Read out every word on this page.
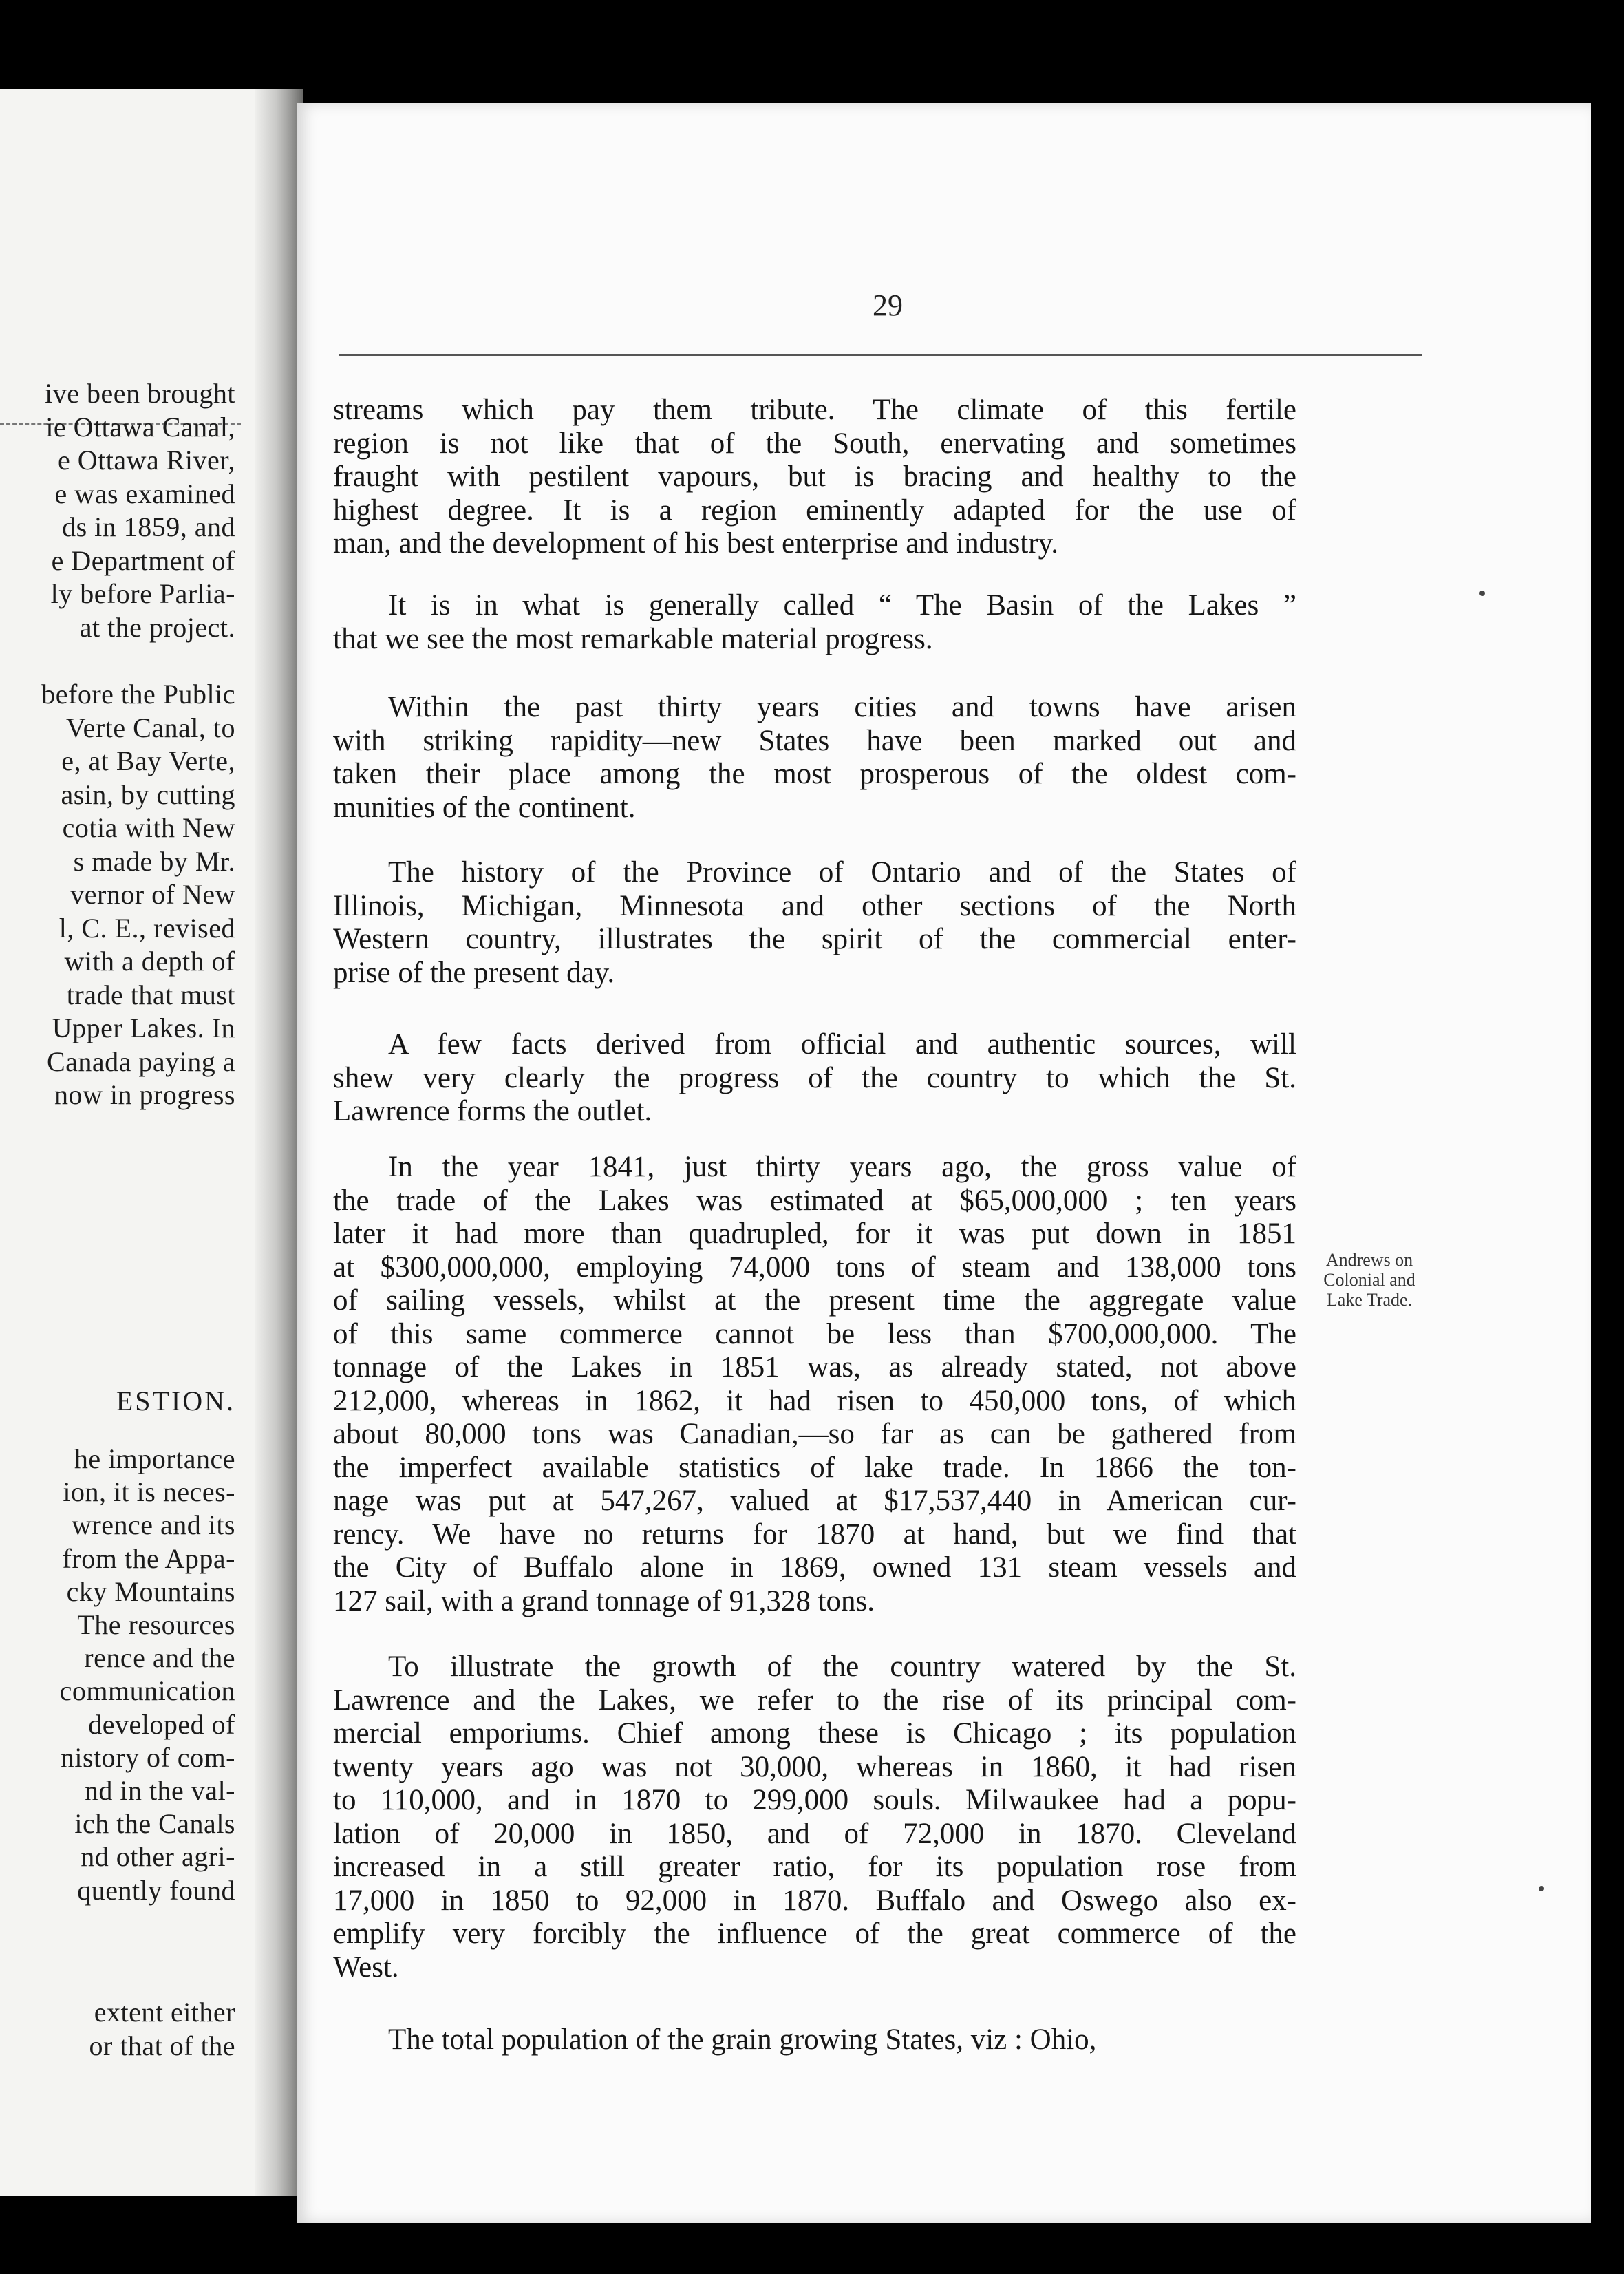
ive been brought
ie Ottawa Canal,
e Ottawa River,
e was examined
ds in 1859, and
e Department of
ly before Parlia-
at the project.
before the Public
Verte Canal, to
e, at Bay Verte,
asin, by cutting
cotia with New
s made by Mr.
vernor of New
l, C. E., revised
with a depth of
trade that must
Upper Lakes. In
Canada paying a
now in progress
he importance
ion, it is neces-
wrence and its
from the Appa-
cky Mountains
The resources
rence and the
communication
developed of
nistory of com-
nd in the val-
ich the Canals
nd other agri-
quently found
extent either
or that of the
ESTION.
29
streams which pay them tribute. The climate of this fertile
region is not like that of the South, enervating and sometimes
fraught with pestilent vapours, but is bracing and healthy to the
highest degree. It is a region eminently adapted for the use of
man, and the development of his best enterprise and industry.
It is in what is generally called “ The Basin of the Lakes ”
that we see the most remarkable material progress.
Within the past thirty years cities and towns have arisen
with striking rapidity—new States have been marked out and
taken their place among the most prosperous of the oldest com-
munities of the continent.
The history of the Province of Ontario and of the States of
Illinois, Michigan, Minnesota and other sections of the North
Western country, illustrates the spirit of the commercial enter-
prise of the present day.
A few facts derived from official and authentic sources, will
shew very clearly the progress of the country to which the St.
Lawrence forms the outlet.
In the year 1841, just thirty years ago, the gross value of
the trade of the Lakes was estimated at $65,000,000 ; ten years
later it had more than quadrupled, for it was put down in 1851
at $300,000,000, employing 74,000 tons of steam and 138,000 tons
of sailing vessels, whilst at the present time the aggregate value
of this same commerce cannot be less than $700,000,000. The
tonnage of the Lakes in 1851 was, as already stated, not above
212,000, whereas in 1862, it had risen to 450,000 tons, of which
about 80,000 tons was Canadian,—so far as can be gathered from
the imperfect available statistics of lake trade. In 1866 the ton-
nage was put at 547,267, valued at $17,537,440 in American cur-
rency. We have no returns for 1870 at hand, but we find that
the City of Buffalo alone in 1869, owned 131 steam vessels and
127 sail, with a grand tonnage of 91,328 tons.
To illustrate the growth of the country watered by the St.
Lawrence and the Lakes, we refer to the rise of its principal com-
mercial emporiums. Chief among these is Chicago ; its population
twenty years ago was not 30,000, whereas in 1860, it had risen
to 110,000, and in 1870 to 299,000 souls. Milwaukee had a popu-
lation of 20,000 in 1850, and of 72,000 in 1870. Cleveland
increased in a still greater ratio, for its population rose from
17,000 in 1850 to 92,000 in 1870. Buffalo and Oswego also ex-
emplify very forcibly the influence of the great commerce of the
West.
The total population of the grain growing States, viz : Ohio,
Andrews on
Colonial and
Lake Trade.
